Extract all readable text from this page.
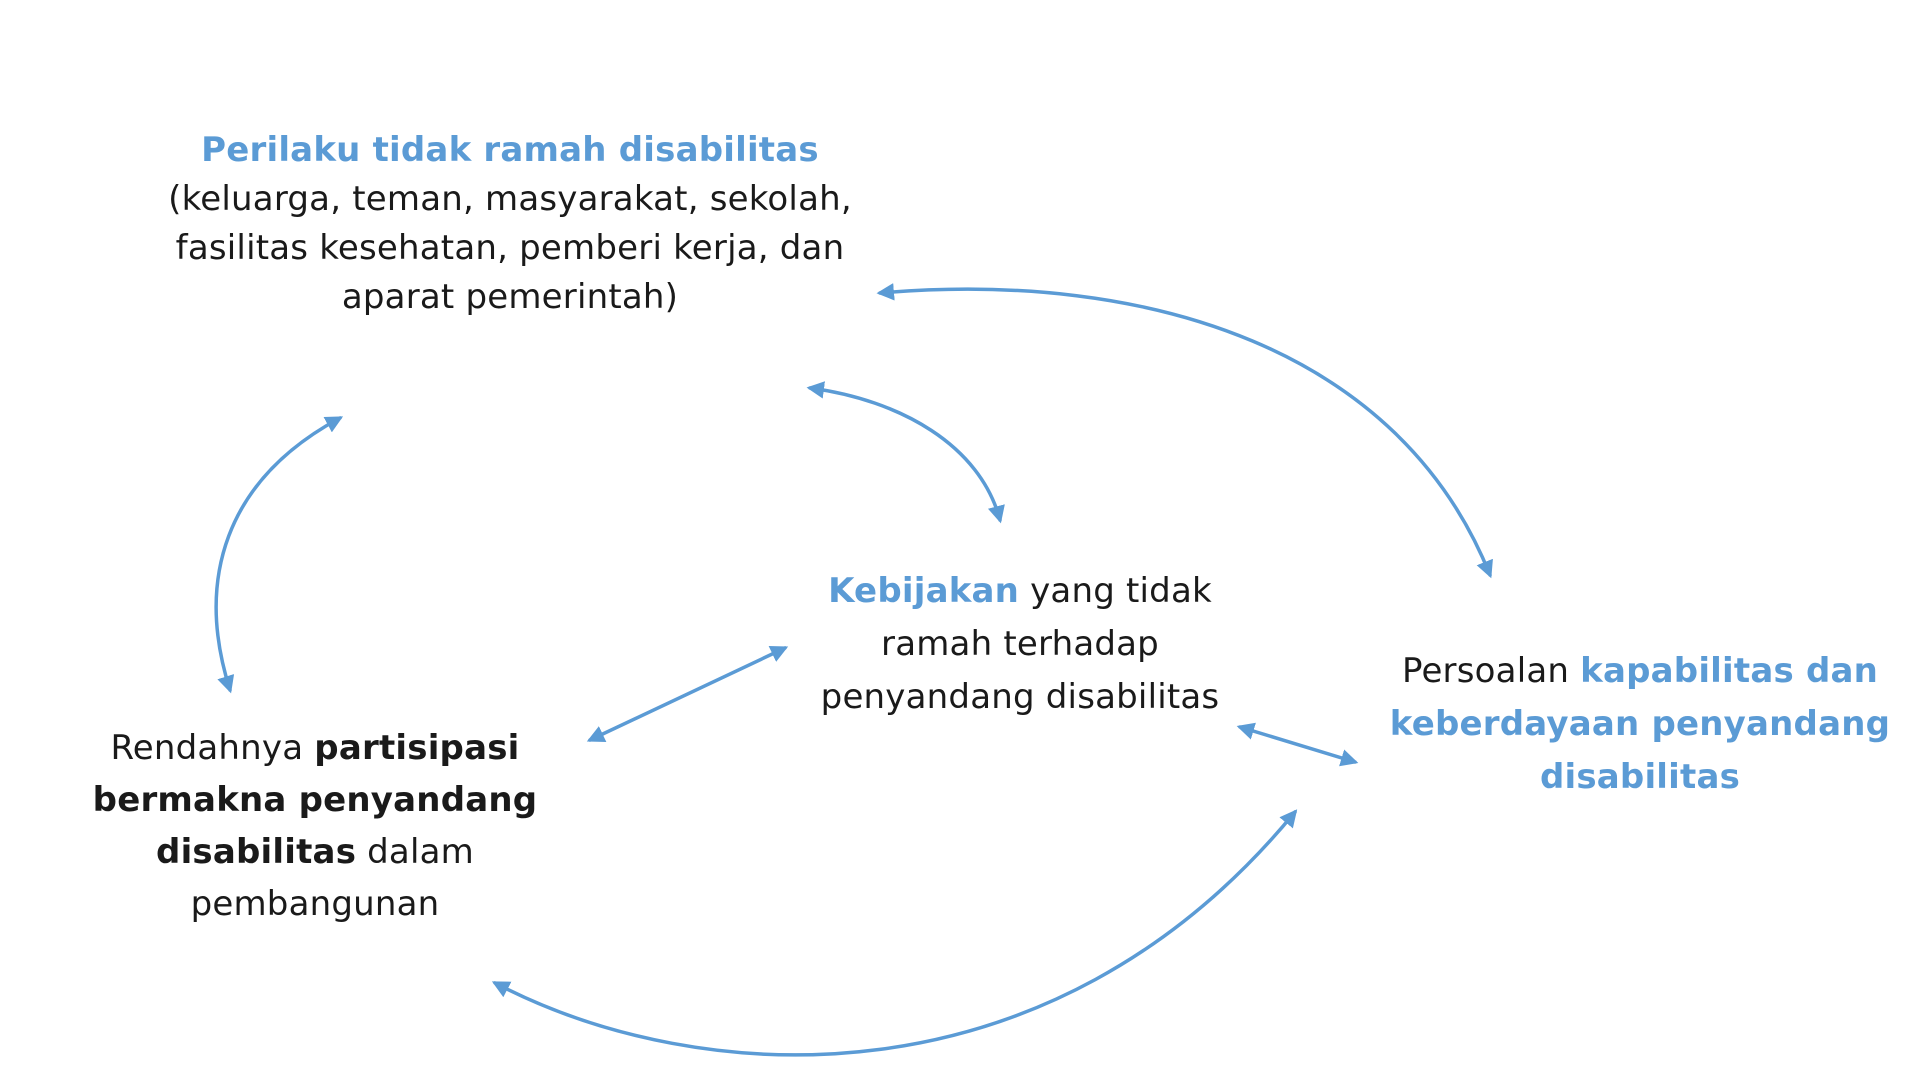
Perilaku tidak ramah disabilitas
(keluarga, teman, masyarakat, sekolah,
fasilitas kesehatan, pemberi kerja, dan
aparat pemerintah)
Kebijakan yang tidak
ramah terhadap
penyandang disabilitas
Rendahnya partisipasi
bermakna penyandang
disabilitas dalam
pembangunan
Persoalan kapabilitas dan
keberdayaan penyandang
disabilitas
